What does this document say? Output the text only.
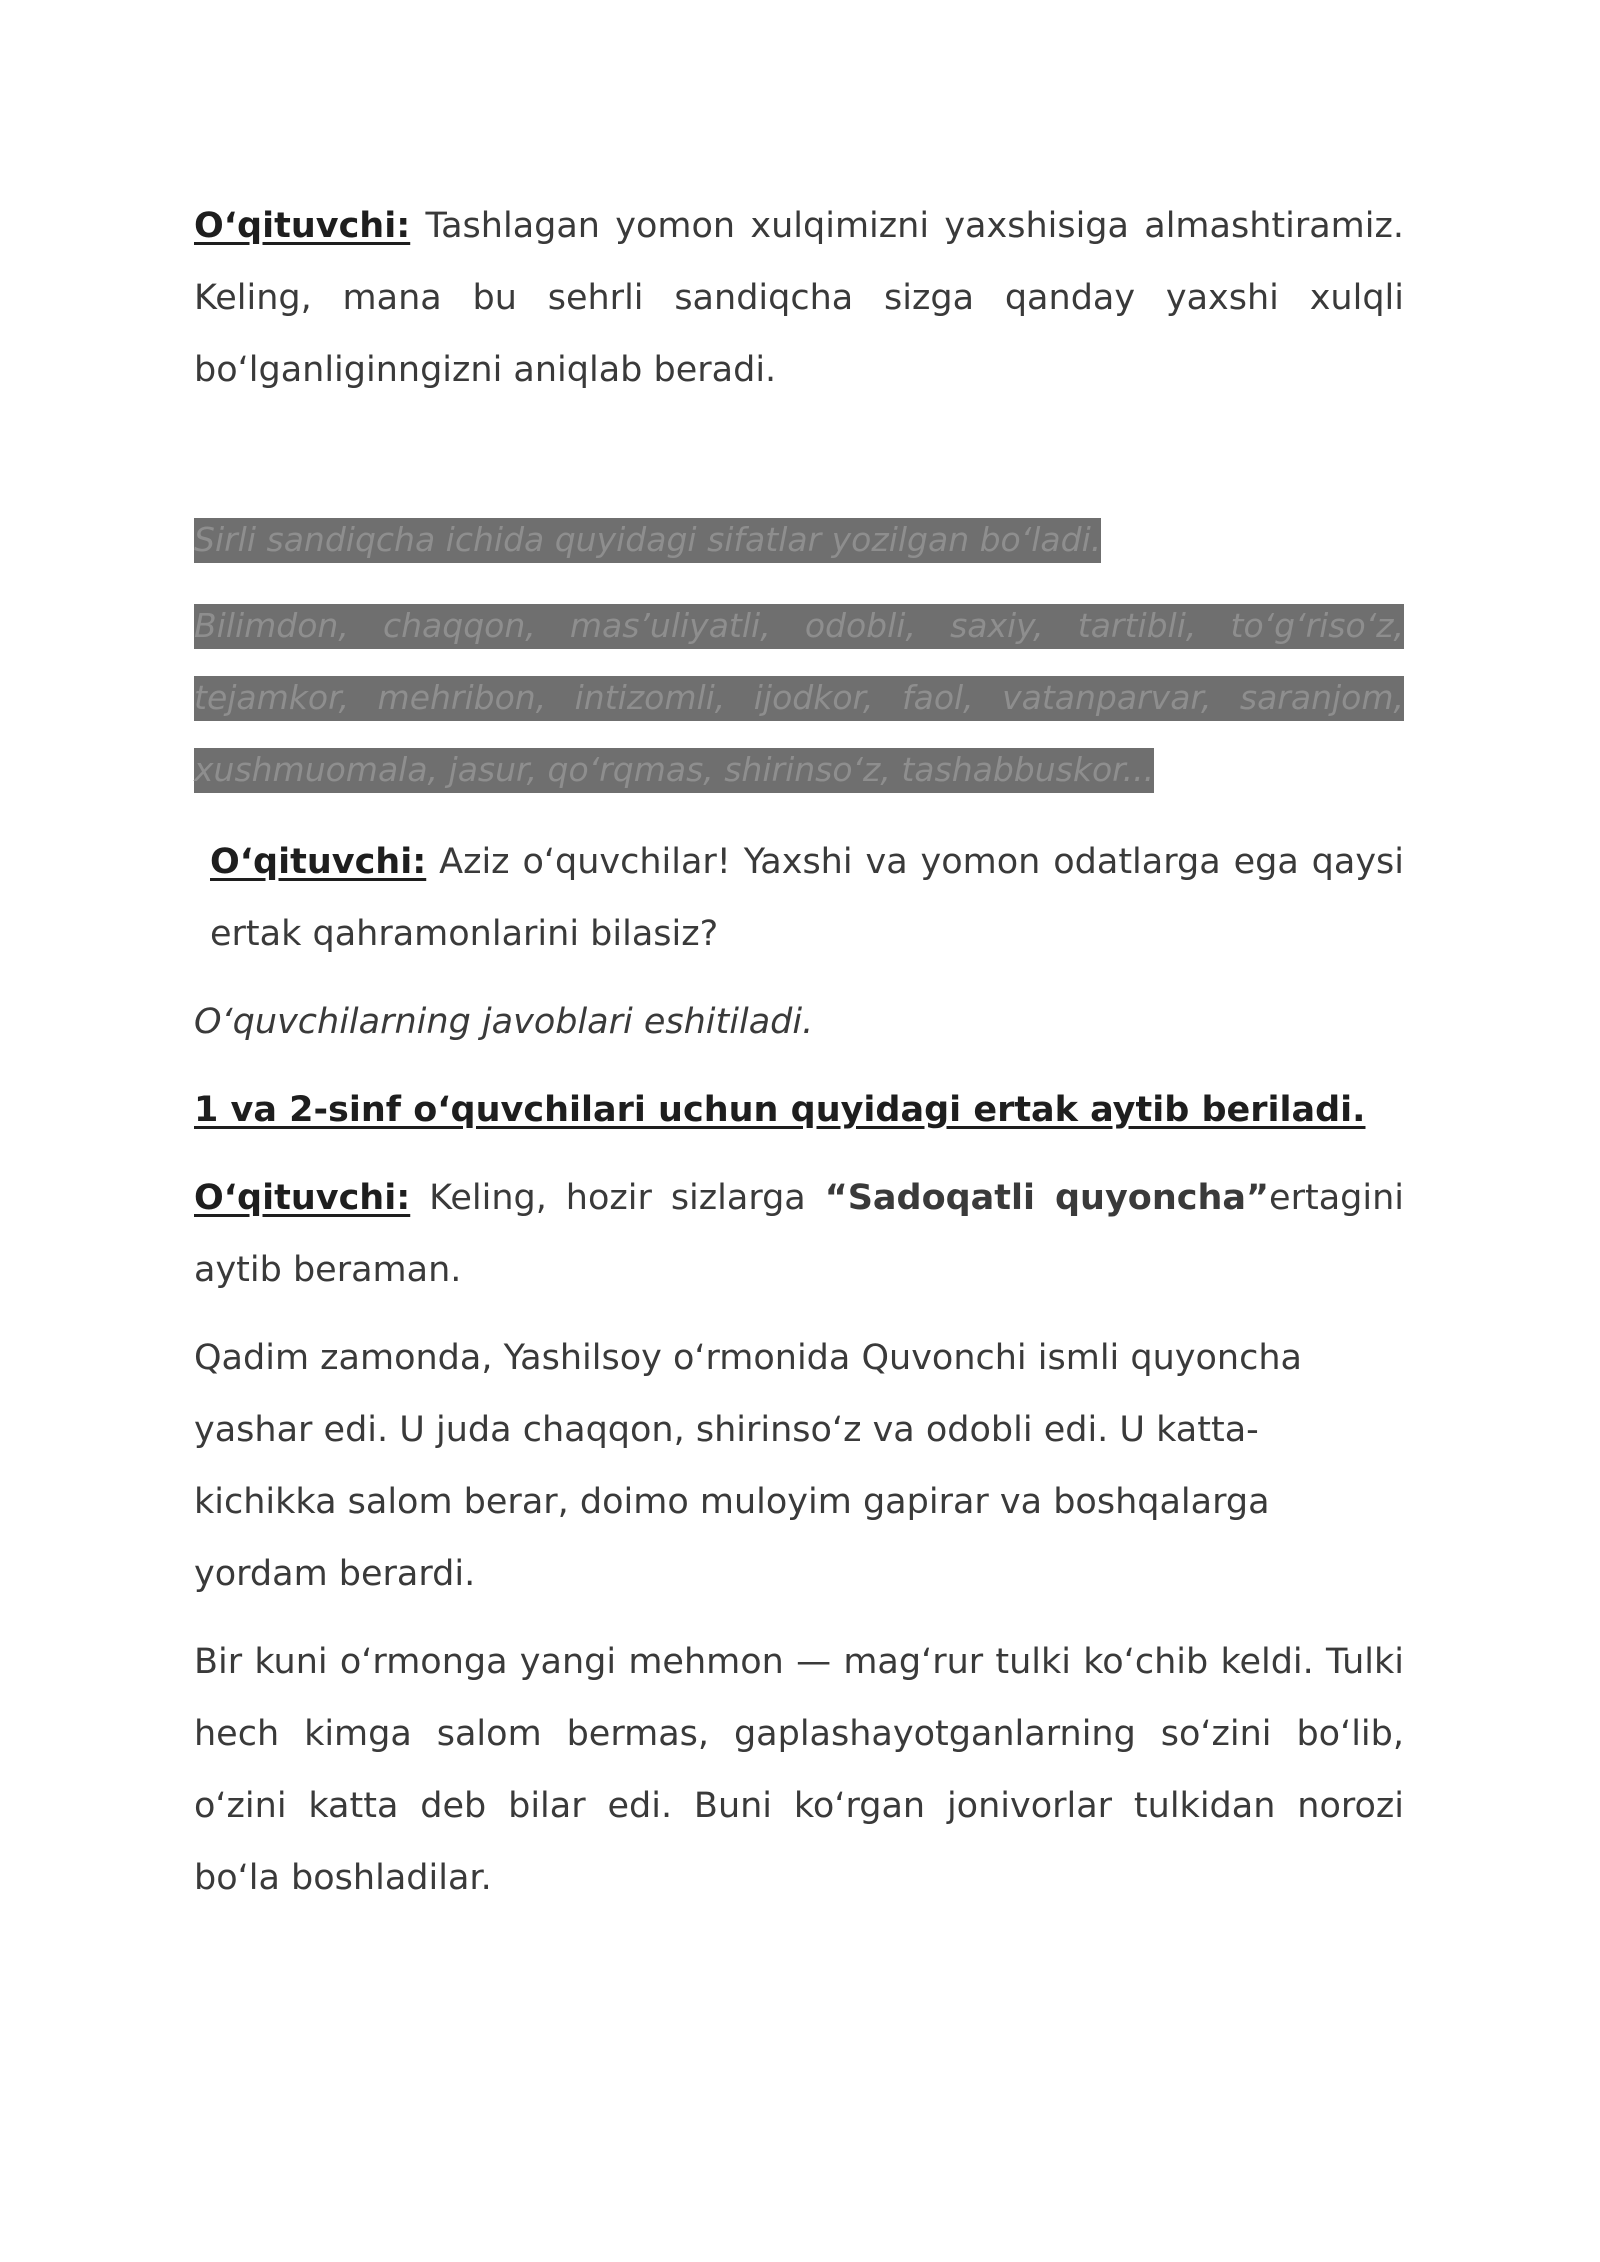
O‘qituvchi: Tashlagan yomon xulqimizni yaxshisiga almashtiramiz. Keling, mana bu sehrli sandiqcha sizga qanday yaxshi xulqli bo‘lganliginngizni aniqlab beradi.

Sirli sandiqcha ichida quyidagi sifatlar yozilgan bo‘ladi.

Bilimdon, chaqqon, mas’uliyatli, odobli, saxiy, tartibli, to‘g‘riso‘z, tejamkor, mehribon, intizomli, ijodkor, faol, vatanparvar, saranjom, xushmuomala, jasur, qo‘rqmas, shirinso‘z, tashabbuskor...

O‘qituvchi: Aziz o‘quvchilar! Yaxshi va yomon odatlarga ega qaysi ertak qahramonlarini bilasiz?

O‘quvchilarning javoblari eshitiladi.

1 va 2-sinf o‘quvchilari uchun quyidagi ertak aytib beriladi.

O‘qituvchi: Keling, hozir sizlarga “Sadoqatli quyoncha”ertagini aytib beraman.

Qadim zamonda, Yashilsoy o‘rmonida Quvonchi ismli quyoncha yashar edi. U juda chaqqon, shirinso‘z va odobli edi. U katta-kichikka salom berar, doimo muloyim gapirar va boshqalarga yordam berardi.

Bir kuni o‘rmonga yangi mehmon — mag‘rur tulki ko‘chib keldi. Tulki hech kimga salom bermas, gaplashayotganlarning so‘zini bo‘lib, o‘zini katta deb bilar edi. Buni ko‘rgan jonivorlar tulkidan norozi bo‘la boshladilar.
